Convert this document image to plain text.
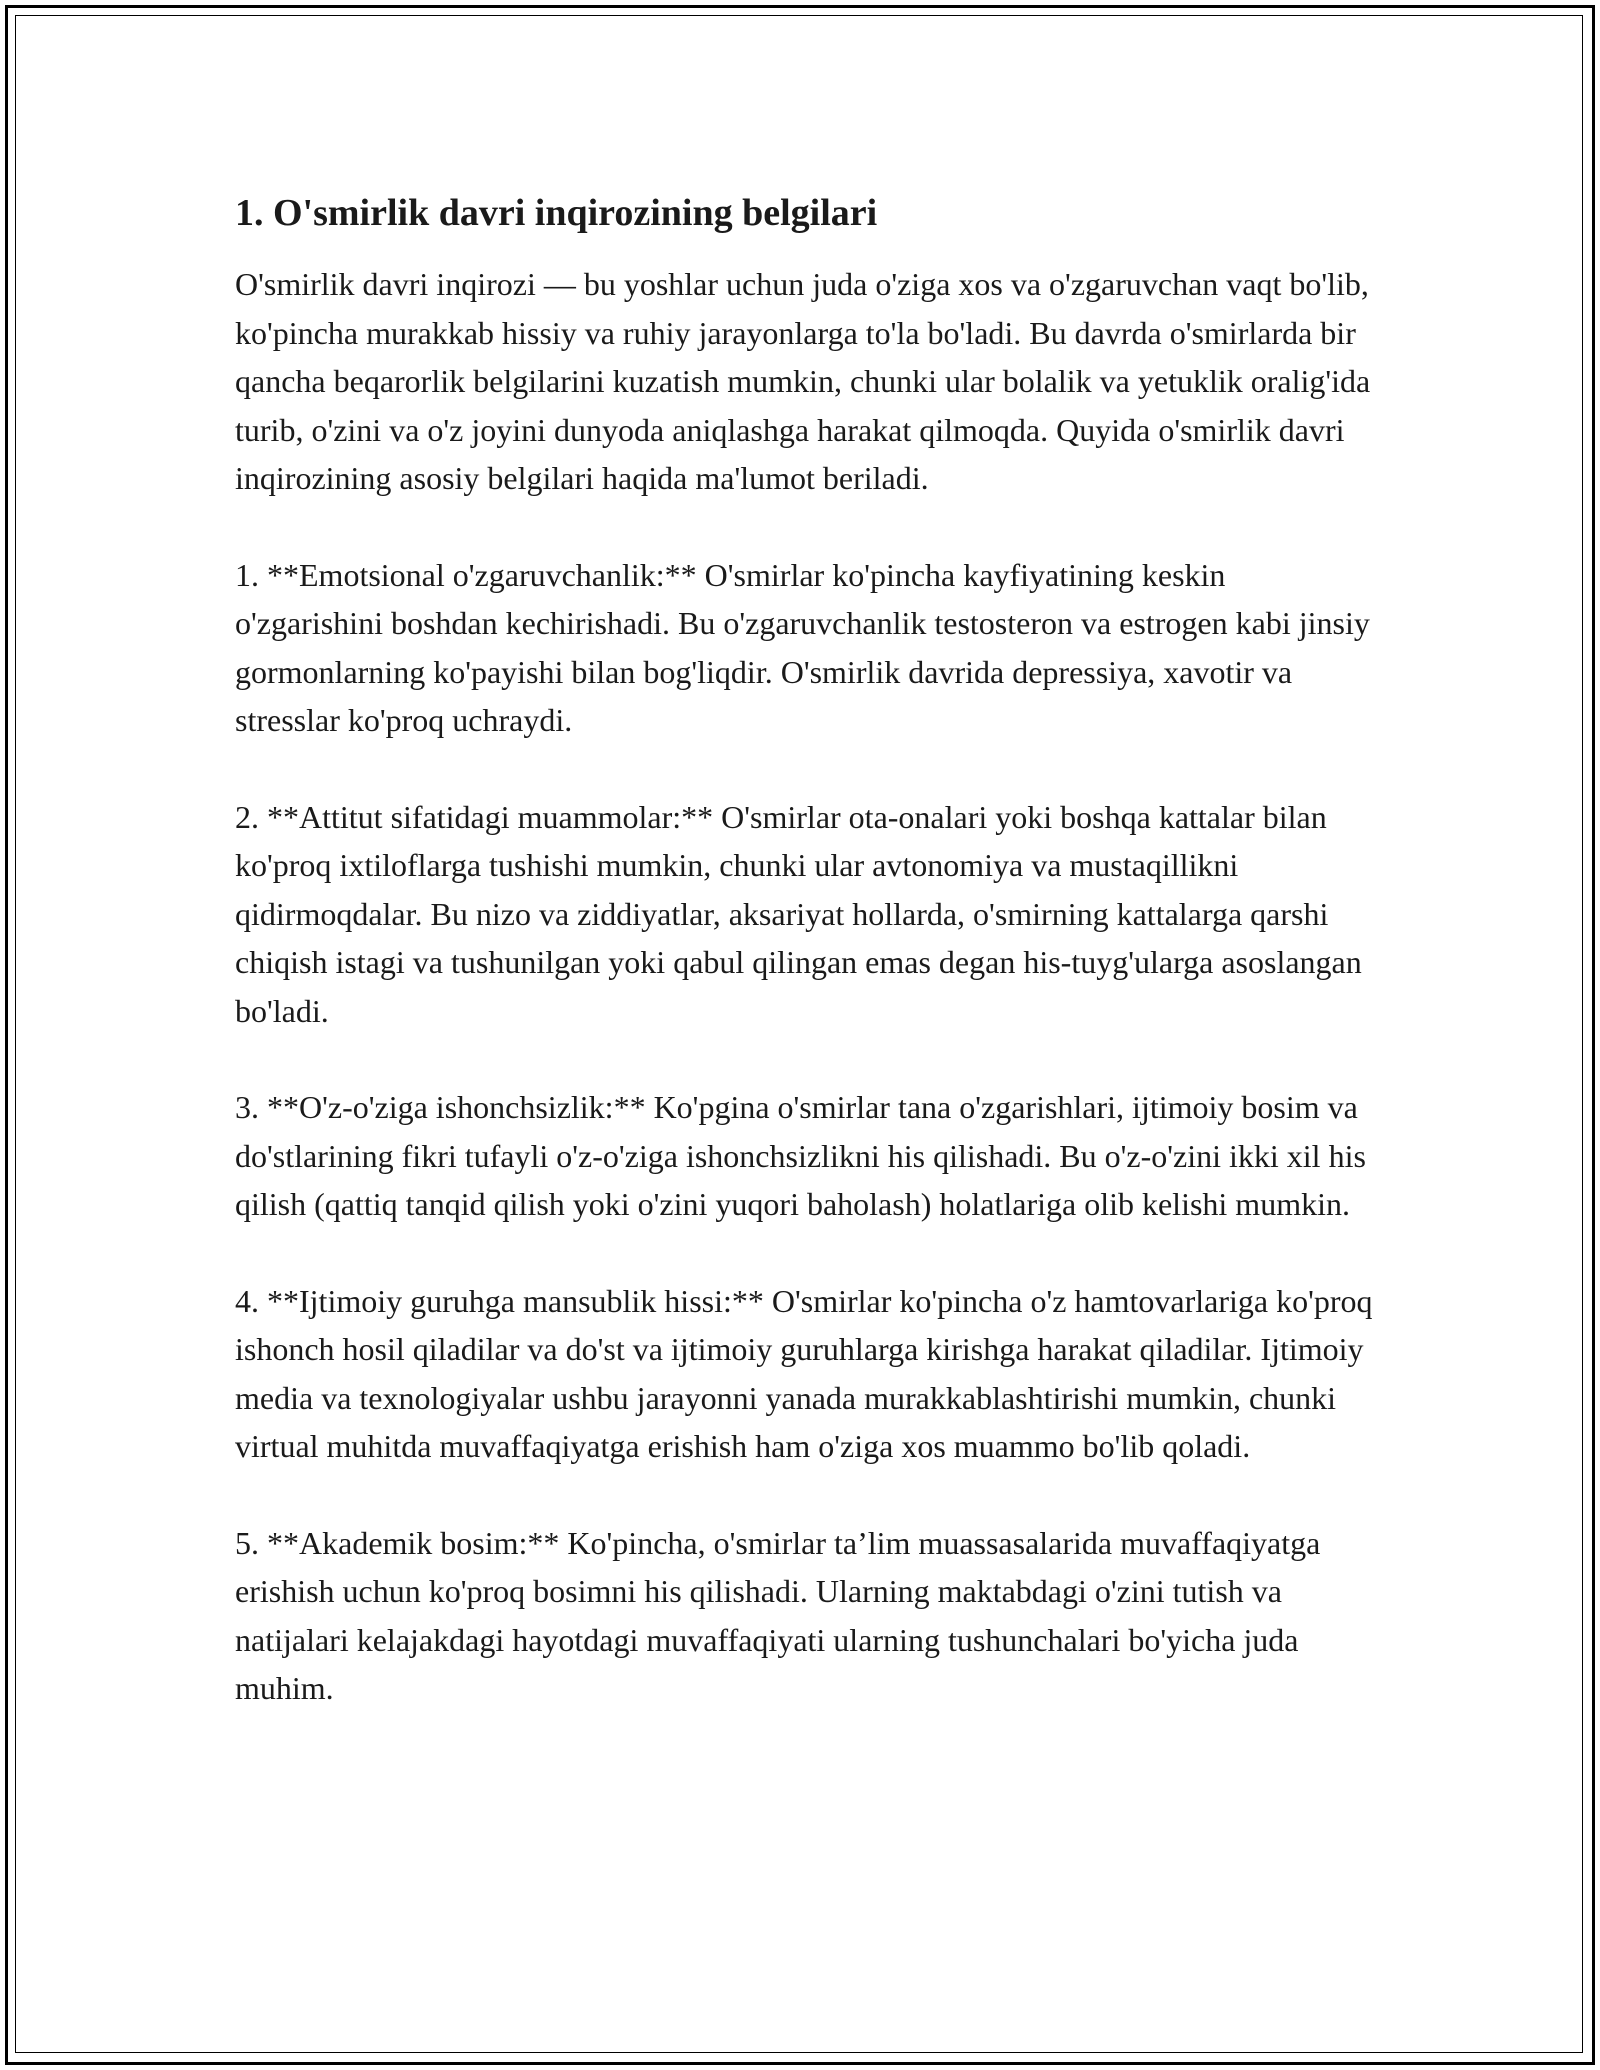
1. O'smirlik davri inqirozining belgilari

O'smirlik davri inqirozi — bu yoshlar uchun juda o'ziga xos va o'zgaruvchan vaqt bo'lib, ko'pincha murakkab hissiy va ruhiy jarayonlarga to'la bo'ladi. Bu davrda o'smirlarda bir qancha beqarorlik belgilarini kuzatish mumkin, chunki ular bolalik va yetuklik oralig'ida turib, o'zini va o'z joyini dunyoda aniqlashga harakat qilmoqda. Quyida o'smirlik davri inqirozining asosiy belgilari haqida ma'lumot beriladi.

1. **Emotsional o'zgaruvchanlik:** O'smirlar ko'pincha kayfiyatining keskin o'zgarishini boshdan kechirishadi. Bu o'zgaruvchanlik testosteron va estrogen kabi jinsiy gormonlarning ko'payishi bilan bog'liqdir. O'smirlik davrida depressiya, xavotir va stresslar ko'proq uchraydi.

2. **Attitut sifatidagi muammolar:** O'smirlar ota-onalari yoki boshqa kattalar bilan ko'proq ixtiloflarga tushishi mumkin, chunki ular avtonomiya va mustaqillikni qidirmoqdalar. Bu nizo va ziddiyatlar, aksariyat hollarda, o'smirning kattalarga qarshi chiqish istagi va tushunilgan yoki qabul qilingan emas degan his-tuyg'ularga asoslangan bo'ladi.

3. **O'z-o'ziga ishonchsizlik:** Ko'pgina o'smirlar tana o'zgarishlari, ijtimoiy bosim va do'stlarining fikri tufayli o'z-o'ziga ishonchsizlikni his qilishadi. Bu o'z-o'zini ikki xil his qilish (qattiq tanqid qilish yoki o'zini yuqori baholash) holatlariga olib kelishi mumkin.

4. **Ijtimoiy guruhga mansublik hissi:** O'smirlar ko'pincha o'z hamtovarlariga ko'proq ishonch hosil qiladilar va do'st va ijtimoiy guruhlarga kirishga harakat qiladilar. Ijtimoiy media va texnologiyalar ushbu jarayonni yanada murakkablashtirishi mumkin, chunki virtual muhitda muvaffaqiyatga erishish ham o'ziga xos muammo bo'lib qoladi.

5. **Akademik bosim:** Ko'pincha, o'smirlar ta’lim muassasalarida muvaffaqiyatga erishish uchun ko'proq bosimni his qilishadi. Ularning maktabdagi o'zini tutish va natijalari kelajakdagi hayotdagi muvaffaqiyati ularning tushunchalari bo'yicha juda muhim.
